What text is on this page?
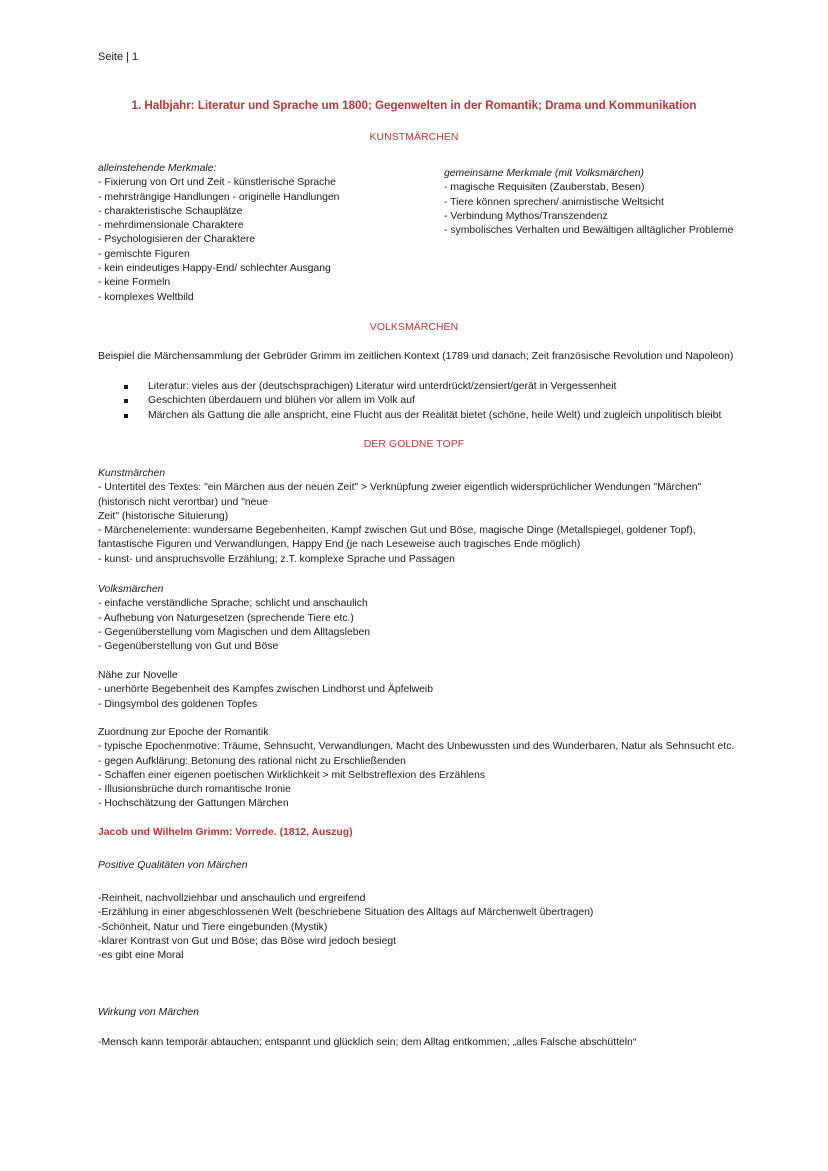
Seite | 1
1. Halbjahr: Literatur und Sprache um 1800; Gegenwelten in der Romantik; Drama und Kommunikation
KUNSTMÄRCHEN
alleinstehende Merkmale:
- Fixierung von Ort und Zeit - künstlerische Sprache
- mehrsträngige Handlungen - originelle Handlungen
- charakteristische Schauplätze
- mehrdimensionale Charaktere
- Psychologisieren der Charaktere
- gemischte Figuren
- kein eindeutiges Happy-End/ schlechter Ausgang
- keine Formeln
- komplexes Weltbild
gemeinsame Merkmale (mit Volksmärchen)
- magische Requisiten (Zauberstab, Besen)
- Tiere können sprechen/ animistische Weltsicht
- Verbindung Mythos/Transzendenz
- symbolisches Verhalten und Bewältigen alltäglicher Probleme
VOLKSMÄRCHEN
Beispiel die Märchensammlung der Gebrüder Grimm im zeitlichen Kontext (1789 und danach; Zeit französische Revolution und Napoleon)
Literatur: vieles aus der (deutschsprachigen) Literatur wird unterdrückt/zensiert/gerät in Vergessenheit
Geschichten überdauern und blühen vor allem im Volk auf
Märchen als Gattung die alle anspricht, eine Flucht aus der Realität bietet (schöne, heile Welt) und zugleich unpolitisch bleibt
DER GOLDNE TOPF
Kunstmärchen
- Untertitel des Textes: "ein Märchen aus der neuen Zeit" > Verknüpfung zweier eigentlich widersprüchlicher Wendungen "Märchen"
(historisch nicht verortbar) und "neue
Zeit" (historische Situierung)
- Märchenelemente: wundersame Begebenheiten, Kampf zwischen Gut und Böse, magische Dinge (Metallspiegel, goldener Topf),
fantastische Figuren und Verwandlungen, Happy End (je nach Leseweise auch tragisches Ende möglich)
- kunst- und anspruchsvolle Erzählung; z.T. komplexe Sprache und Passagen
Volksmärchen
- einfache verständliche Sprache; schlicht und anschaulich
- Aufhebung von Naturgesetzen (sprechende Tiere etc.)
- Gegenüberstellung vom Magischen und dem Alltagsleben
- Gegenüberstellung von Gut und Böse
Nähe zur Novelle
- unerhörte Begebenheit des Kampfes zwischen Lindhorst und Äpfelweib
- Dingsymbol des goldenen Topfes
Zuordnung zur Epoche der Romantik
- typische Epochenmotive: Träume, Sehnsucht, Verwandlungen, Macht des Unbewussten und des Wunderbaren, Natur als Sehnsucht etc.
- gegen Aufklärung: Betonung des rational nicht zu Erschließenden
- Schaffen einer eigenen poetischen Wirklichkeit > mit Selbstreflexion des Erzählens
- Illusionsbrüche durch romantische Ironie
- Hochschätzung der Gattungen Märchen
Jacob und Wilhelm Grimm: Vorrede. (1812, Auszug)
Positive Qualitäten von Märchen
-Reinheit, nachvollziehbar und anschaulich und ergreifend
-Erzählung in einer abgeschlossenen Welt (beschriebene Situation des Alltags auf Märchenwelt übertragen)
-Schönheit, Natur und Tiere eingebunden (Mystik)
-klarer Kontrast von Gut und Böse; das Böse wird jedoch besiegt
-es gibt eine Moral
Wirkung von Märchen
-Mensch kann temporär abtauchen; entspannt und glücklich sein; dem Alltag entkommen; „alles Falsche abschütteln“
